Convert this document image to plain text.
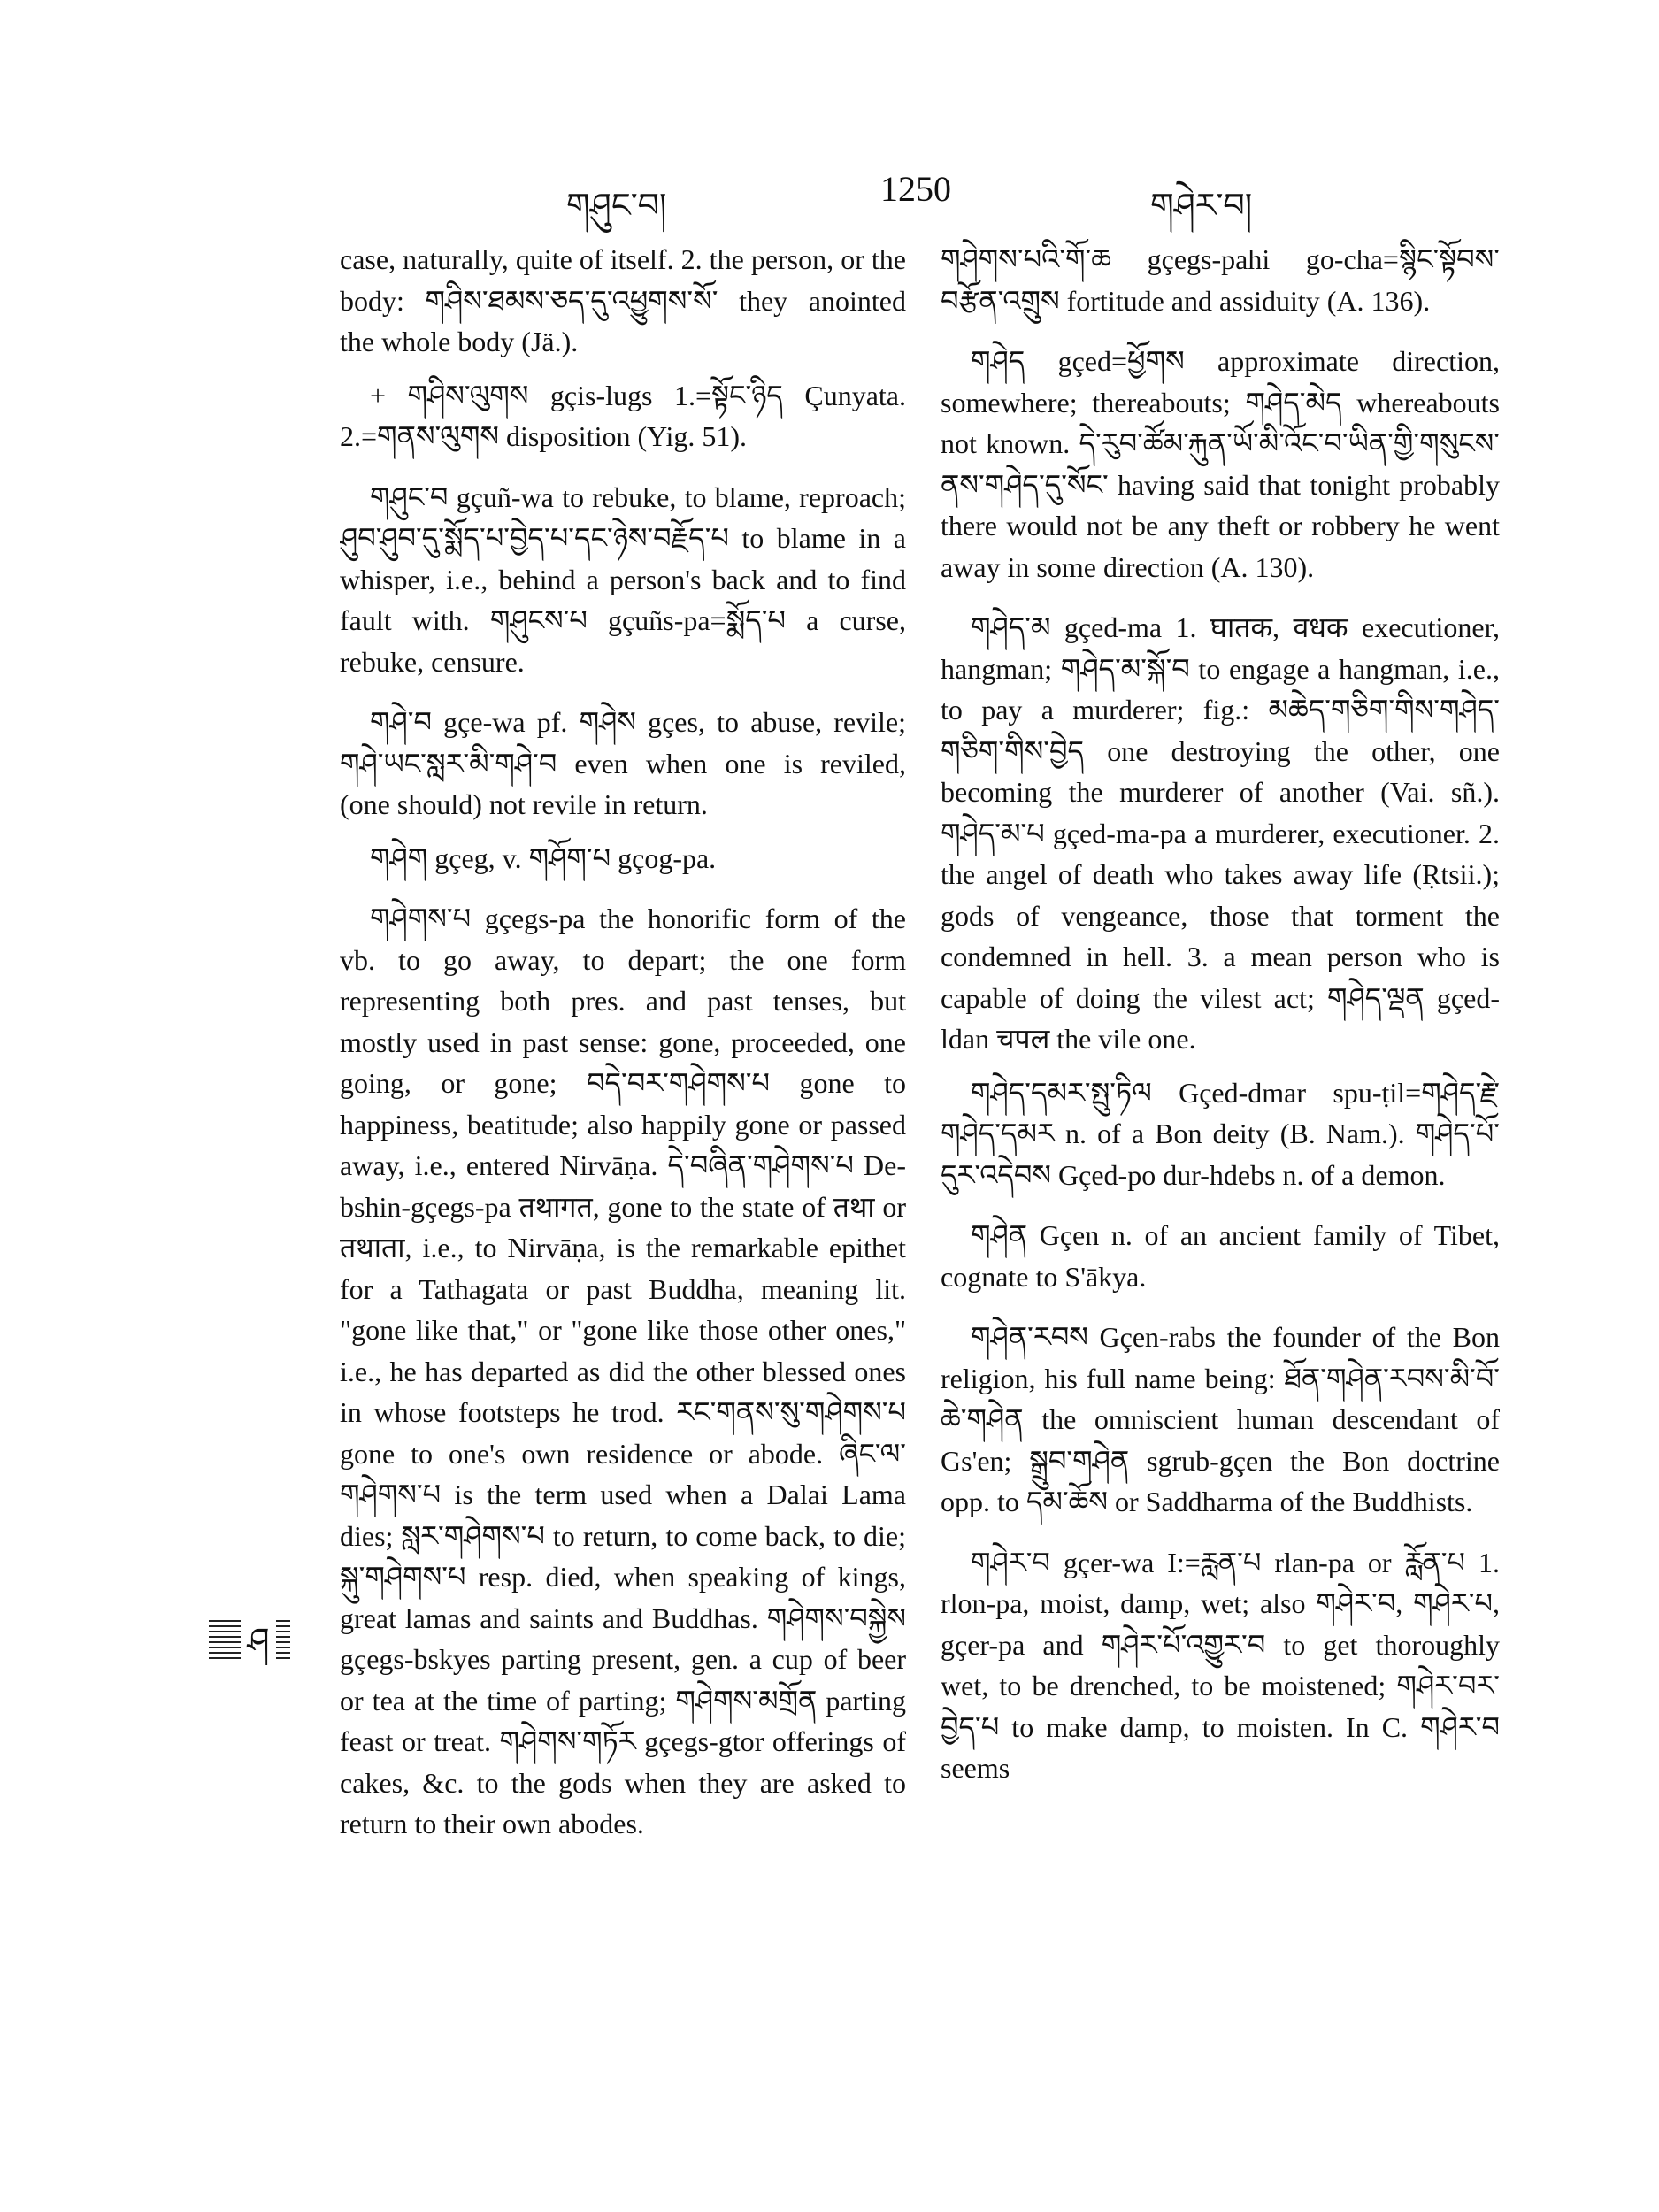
གཤུང་བ།	1250	གཤེར་བ།

case, naturally, quite of itself. 2. the person, or the body: གཤིས་ཐམས་ཅད་དུ་འཕྱུགས་སོ་ they anointed the whole body (Jä.).

+ གཤིས་ལུགས gçis-lugs 1.=སྟོང་ཉིད Çunyata. 2.=གནས་ལུགས disposition (Yig. 51).

གཤུང་བ gçuñ-wa to rebuke, to blame, reproach; ཤུབ་ཤུབ་དུ་སྨོད་པ་བྱེད་པ་དང་ཉེས་བརྗོད་པ to blame in a whisper, i.e., behind a person's back and to find fault with. གཤུངས་པ gçuñs-pa=སྨོད་པ a curse, rebuke, censure.

གཤེ་བ gçe-wa pf. གཤེས gçes, to abuse, revile; གཤེ་ཡང་སླར་མི་གཤེ་བ even when one is reviled, (one should) not revile in return.

གཤེག gçeg, v. གཤོག་པ gçog-pa.

གཤེགས་པ gçegs-pa the honorific form of the vb. to go away, to depart; the one form representing both pres. and past tenses, but mostly used in past sense: gone, proceeded, one going, or gone; བདེ་བར་གཤེགས་པ gone to happiness, beatitude; also happily gone or passed away, i.e., entered Nirvāṇa. དེ་བཞིན་གཤེགས་པ De-bshin-gçegs-pa तथागत, gone to the state of तथा or तथाता, i.e., to Nirvāṇa, is the remarkable epithet for a Tathagata or past Buddha, meaning lit. "gone like that," or "gone like those other ones," i.e., he has departed as did the other blessed ones in whose footsteps he trod. རང་གནས་སུ་གཤེགས་པ gone to one's own residence or abode. ཞིང་ལ་གཤེགས་པ is the term used when a Dalai Lama dies; སླར་གཤེགས་པ to return, to come back, to die; སྐུ་གཤེགས་པ resp. died, when speaking of kings, great lamas and saints and Buddhas. གཤེགས་བསྐྱེས gçegs-bskyes parting present, gen. a cup of beer or tea at the time of parting; གཤེགས་མགྲོན parting feast or treat. གཤེགས་གཏོར gçegs-gtor offerings of cakes, &c. to the gods when they are asked to return to their own abodes.

གཤེགས་པའི་གོ་ཆ gçegs-pahi go-cha=སྙིང་སྟོབས་བརྩོན་འགྲུས fortitude and assiduity (A. 136).

གཤེད gçed=ཕྱོགས approximate direction, somewhere; thereabouts; གཤེད་མེད whereabouts not known. དེ་རུབ་ཚོམ་རྐུན་ཡོ་མི་འོང་བ་ཡིན་གྱི་གསུངས་ནས་གཤེད་དུ་སོང་ having said that tonight probably there would not be any theft or robbery he went away in some direction (A. 130).

གཤེད་མ gçed-ma 1. घातक, वधक executioner, hangman; གཤེད་མ་སྐོ་བ to engage a hangman, i.e., to pay a murderer; fig.: མཆེད་གཅིག་གིས་གཤེད་གཅིག་གིས་བྱེད one destroying the other, one becoming the murderer of another (Vai. sñ.). གཤེད་མ་པ gçed-ma-pa a murderer, executioner. 2. the angel of death who takes away life (Ṛtsii.); gods of vengeance, those that torment the condemned in hell. 3. a mean person who is capable of doing the vilest act; གཤེད་ལྡན gçed-ldan चपल the vile one.

གཤེད་དམར་སྤུ་ཏིལ Gçed-dmar spu-ṭil=གཤེད་རྗེ་གཤེད་དམར n. of a Bon deity (B. Nam.). གཤེད་པོ་དུར་འདེབས Gçed-po dur-hdebs n. of a demon.

གཤེན Gçen n. of an ancient family of Tibet, cognate to S'ākya.

གཤེན་རབས Gçen-rabs the founder of the Bon religion, his full name being: ཐོན་གཤེན་རབས་མི་བོ་ཆེ་གཤེན the omniscient human descendant of Gs'en; སྒྲུབ་གཤེན sgrub-gçen the Bon doctrine opp. to དམ་ཆོས or Saddharma of the Buddhists.

གཤེར་བ gçer-wa I:=རླན་པ rlan-pa or རློན་པ 1. rlon-pa, moist, damp, wet; also གཤེར་བ, གཤེར་པ, gçer-pa and གཤེར་པོ་འགྱུར་བ to get thoroughly wet, to be drenched, to be moistened; གཤེར་བར་བྱེད་པ to make damp, to moisten. In C. གཤེར་བ seems

ཤ
